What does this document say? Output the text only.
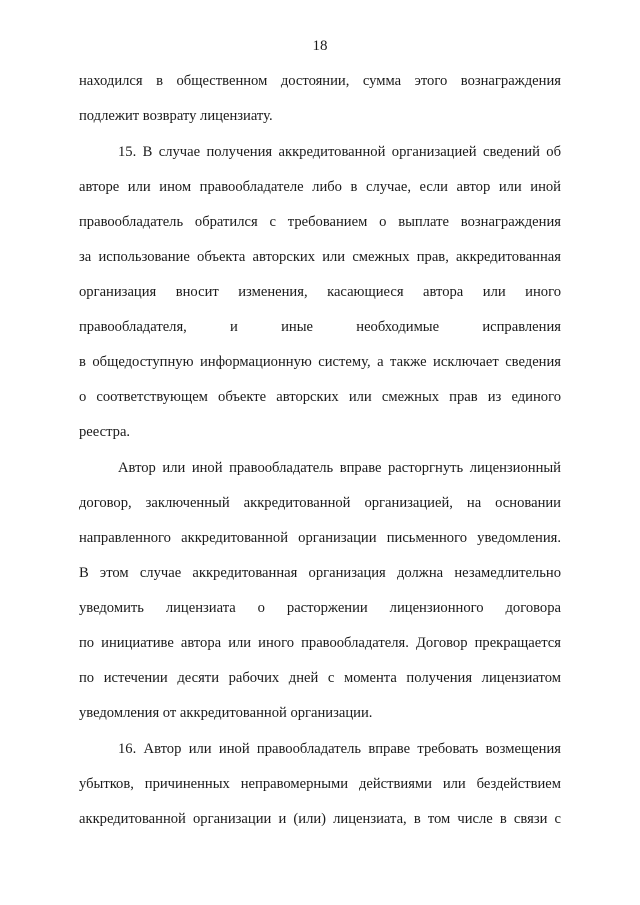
18
находился в общественном достоянии, сумма этого вознаграждения
подлежит возврату лицензиату.
15. В случае получения аккредитованной организацией сведений об
авторе или ином правообладателе либо в случае, если автор или иной
правообладатель обратился с требованием о выплате вознаграждения
за использование объекта авторских или смежных прав, аккредитованная
организация вносит изменения, касающиеся автора или иного
правообладателя, и иные необходимые исправления
в общедоступную информационную систему, а также исключает сведения
о соответствующем объекте авторских или смежных прав из единого
реестра.
Автор или иной правообладатель вправе расторгнуть лицензионный
договор, заключенный аккредитованной организацией, на основании
направленного аккредитованной организации письменного уведомления.
В этом случае аккредитованная организация должна незамедлительно
уведомить лицензиата о расторжении лицензионного договора
по инициативе автора или иного правообладателя. Договор прекращается
по истечении десяти рабочих дней с момента получения лицензиатом
уведомления от аккредитованной организации.
16. Автор или иной правообладатель вправе требовать возмещения
убытков, причиненных неправомерными действиями или бездействием
аккредитованной организации и (или) лицензиата, в том числе в связи с
